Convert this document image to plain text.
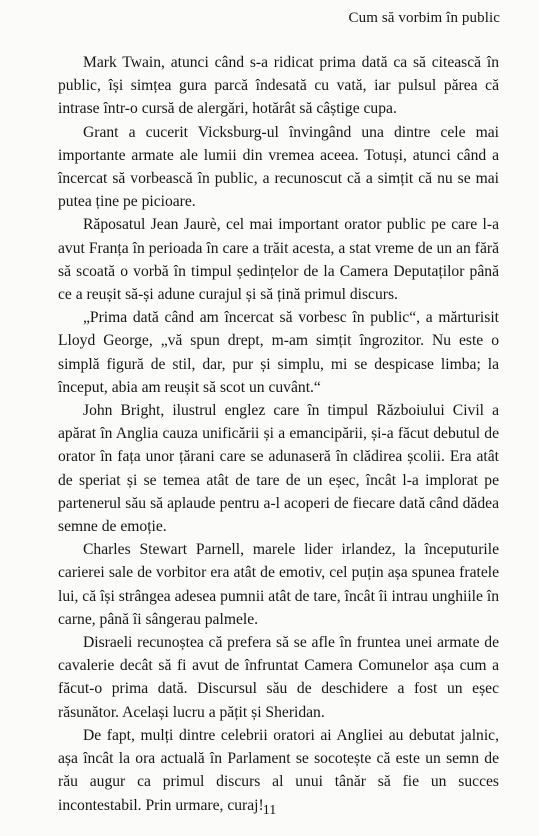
Cum să vorbim în public

Mark Twain, atunci când s-a ridicat prima dată ca să citească în public, își simțea gura parcă îndesată cu vată, iar pulsul părea că intrase într-o cursă de alergări, hotărât să câștige cupa.

Grant a cucerit Vicksburg-ul învingând una dintre cele mai importante armate ale lumii din vremea aceea. Totuși, atunci când a încercat să vorbească în public, a recunoscut că a simțit că nu se mai putea ține pe picioare.

Răposatul Jean Jaurè, cel mai important orator public pe care l-a avut Franța în perioada în care a trăit acesta, a stat vreme de un an fără să scoată o vorbă în timpul ședințelor de la Camera Deputaților până ce a reușit să-și adune curajul și să țină primul discurs.

„Prima dată când am încercat să vorbesc în public“, a mărturisit Lloyd George, „vă spun drept, m-am simțit îngrozitor. Nu este o simplă figură de stil, dar, pur și simplu, mi se despicase limba; la început, abia am reușit să scot un cuvânt.“

John Bright, ilustrul englez care în timpul Războiului Civil a apărat în Anglia cauza unificării și a emancipării, și-a făcut debutul de orator în fața unor țărani care se adunaseră în clădirea școlii. Era atât de speriat și se temea atât de tare de un eșec, încât l-a implorat pe partenerul său să aplaude pentru a-l acoperi de fiecare dată când dădea semne de emoție.

Charles Stewart Parnell, marele lider irlandez, la începuturile carierei sale de vorbitor era atât de emotiv, cel puțin așa spunea fratele lui, că își strângea adesea pumnii atât de tare, încât îi intrau unghiile în carne, până îi sângerau palmele.

Disraeli recunoștea că prefera să se afle în fruntea unei armate de cavalerie decât să fi avut de înfruntat Camera Comunelor așa cum a făcut-o prima dată. Discursul său de deschidere a fost un eșec răsunător. Același lucru a pățit și Sheridan.

De fapt, mulți dintre celebrii oratori ai Angliei au debutat jalnic, așa încât la ora actuală în Parlament se socotește că este un semn de rău augur ca primul discurs al unui tânăr să fie un succes incontestabil. Prin urmare, curaj! 11
